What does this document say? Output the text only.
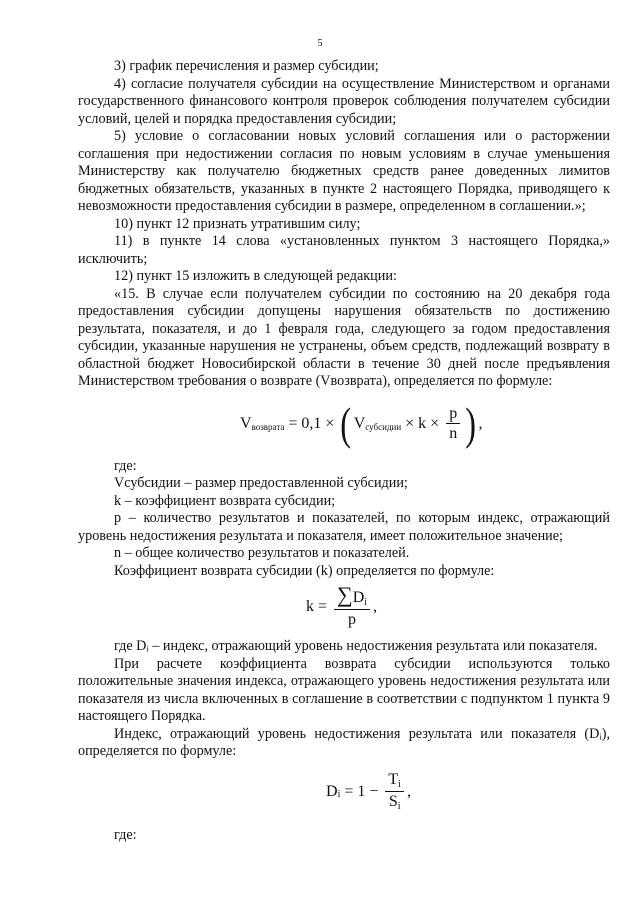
5

3) график перечисления и размер субсидии;

4) согласие получателя субсидии на осуществление Министерством и органами государственного финансового контроля проверок соблюдения получателем субсидии условий, целей и порядка предоставления субсидии;

5) условие о согласовании новых условий соглашения или о расторжении соглашения при недостижении согласия по новым условиям в случае уменьшения Министерству как получателю бюджетных средств ранее доведенных лимитов бюджетных обязательств, указанных в пункте 2 настоящего Порядка, приводящего к невозможности предоставления субсидии в размере, определенном в соглашении.»;

10) пункт 12 признать утратившим силу;

11) в пункте 14 слова «установленных пунктом 3 настоящего Порядка,» исключить;

12) пункт 15 изложить в следующей редакции:

«15. В случае если получателем субсидии по состоянию на 20 декабря года предоставления субсидии допущены нарушения обязательств по достижению результата, показателя, и до 1 февраля года, следующего за годом предоставления субсидии, указанные нарушения не устранены, объем средств, подлежащий возврату в областной бюджет Новосибирской области в течение 30 дней после предъявления Министерством требования о возврате (Vвозврата), определяется по формуле:

V возврата = 0,1 × ( V субсидии × $k \times \frac{p}{n}$ ) ,

где:

Vсубсидии – размер предоставленной субсидии;

k – коэффициент возврата субсидии;

p – количество результатов и показателей, по которым индекс, отражающий уровень недостижения результата и показателя, имеет положительное значение;

n – общее количество результатов и показателей.

Коэффициент возврата субсидии (k) определяется по формуле:

$k = \frac{\sum Di}{p}$ ,

где Dᵢ – индекс, отражающий уровень недостижения результата или показателя.

При расчете коэффициента возврата субсидии используются только положительные значения индекса, отражающего уровень недостижения результата или показателя из числа включенных в соглашение в соответствии с подпунктом 1 пункта 9 настоящего Порядка.

Индекс, отражающий уровень недостижения результата или показателя (Dᵢ), определяется по формуле:

D $i = 1 - \frac{Ti}{Si}$ ,

где:
